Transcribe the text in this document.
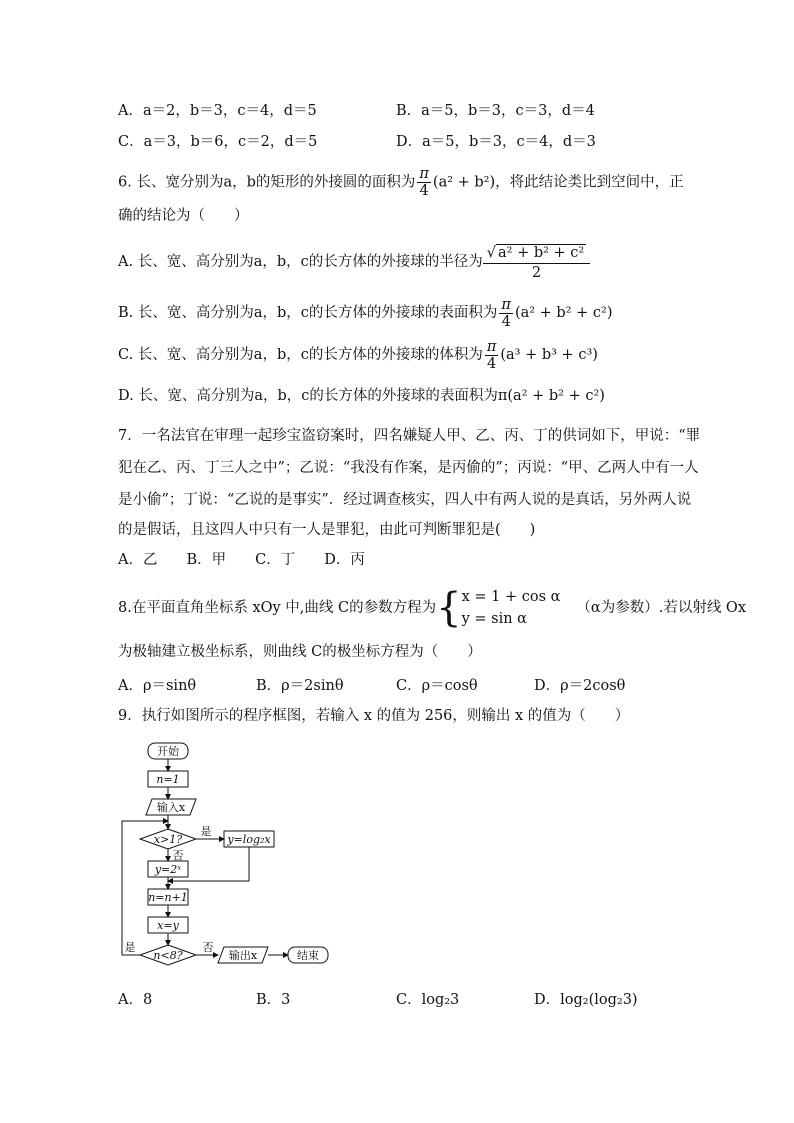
A．a＝2，b＝3，c＝4，d＝5	B．a＝5，b＝3，c＝3，d＝4
C．a＝3，b＝6，c＝2，d＝5	D．a＝5，b＝3，c＝4，d＝3
6. 长、宽分别为a，b的矩形的外接圆的面积为 $\frac{\pi}{4} (a^2 + b^2)$，将此结论类比到空间中，正
确的结论为（　　）
A. 长、宽、高分别为a，b，c的长方体的外接球的半径为 $\frac{\text{√ a² + b² + c²}}{2}$
B. 长、宽、高分别为a，b，c的长方体的外接球的表面积为 $\frac{\pi}{4} (a^2 + b^2 + c^2)$
C. 长、宽、高分别为a，b，c的长方体的外接球的体积为 $\frac{\pi}{4} (a^3 + b^3 + c^3)$
D. 长、宽、高分别为a，b，c的长方体的外接球的表面积为π(a² + b² + c²)
7．一名法官在审理一起珍宝盗窃案时，四名嫌疑人甲、乙、丙、丁的供词如下，甲说：“罪
犯在乙、丙、丁三人之中”；乙说：“我没有作案，是丙偷的”；丙说：“甲、乙两人中有一人
是小偷”；丁说：“乙说的是事实”．经过调查核实，四人中有两人说的是真话，另外两人说
的是假话，且这四人中只有一人是罪犯，由此可判断罪犯是(　　)
A．乙　　B．甲　　C．丁　　D．丙
8.在平面直角坐标系 xOy 中,曲线 C的参数方程为{ x = 1 + cos α
y = sin α
（α为参数）.若以射线 Ox
为极轴建立极坐标系，则曲线 C的极坐标方程为（　　）
A．ρ＝sinθ	B．ρ＝2sinθ	C．ρ＝cosθ	D．ρ＝2cosθ
9．执行如图所示的程序框图，若输入 x 的值为 256，则输出 x 的值为（　　）
开始
n=1
输入x
x>1?
是
否
y=log₂x
y=2ˣ
n=n+1
x=y
n<8?
是	否
输出x	结束
A．8	B．3	C．log₂3	D．log₂(log₂3)
